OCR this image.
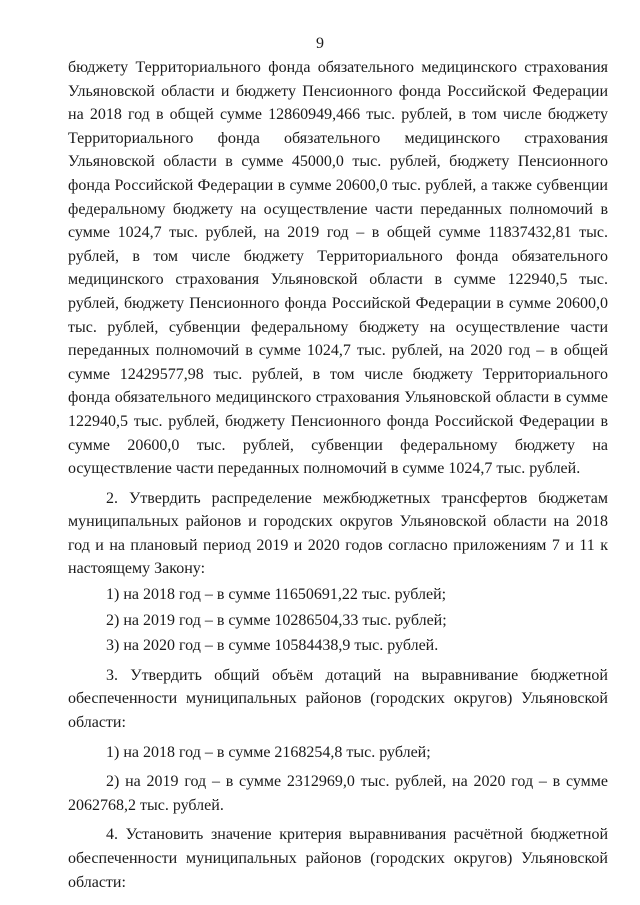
9

бюджету Территориального фонда обязательного медицинского страхования Ульяновской области и бюджету Пенсионного фонда Российской Федерации на 2018 год в общей сумме 12860949,466 тыс. рублей, в том числе бюджету Территориального фонда обязательного медицинского страхования Ульяновской области в сумме 45000,0 тыс. рублей, бюджету Пенсионного фонда Российской Федерации в сумме 20600,0 тыс. рублей, а также субвенции федеральному бюджету на осуществление части переданных полномочий в сумме 1024,7 тыс. рублей, на 2019 год – в общей сумме 11837432,81 тыс. рублей, в том числе бюджету Территориального фонда обязательного медицинского страхования Ульяновской области в сумме 122940,5 тыс. рублей, бюджету Пенсионного фонда Российской Федерации в сумме 20600,0 тыс. рублей, субвенции федеральному бюджету на осуществление части переданных полномочий в сумме 1024,7 тыс. рублей, на 2020 год – в общей сумме 12429577,98 тыс. рублей, в том числе бюджету Территориального фонда обязательного медицинского страхования Ульяновской области в сумме 122940,5 тыс. рублей, бюджету Пенсионного фонда Российской Федерации в сумме 20600,0 тыс. рублей, субвенции федеральному бюджету на осуществление части переданных полномочий в сумме 1024,7 тыс. рублей.

2. Утвердить распределение межбюджетных трансфертов бюджетам муниципальных районов и городских округов Ульяновской области на 2018 год и на плановый период 2019 и 2020 годов согласно приложениям 7 и 11 к настоящему Закону:

1) на 2018 год – в сумме 11650691,22 тыс. рублей;

2) на 2019 год – в сумме 10286504,33 тыс. рублей;

3) на 2020 год – в сумме 10584438,9 тыс. рублей.

3. Утвердить общий объём дотаций на выравнивание бюджетной обеспеченности муниципальных районов (городских округов) Ульяновской области:

1) на 2018 год – в сумме 2168254,8 тыс. рублей;

2) на 2019 год – в сумме 2312969,0 тыс. рублей, на 2020 год – в сумме 2062768,2 тыс. рублей.

4. Установить значение критерия выравнивания расчётной бюджетной обеспеченности муниципальных районов (городских округов) Ульяновской области:
